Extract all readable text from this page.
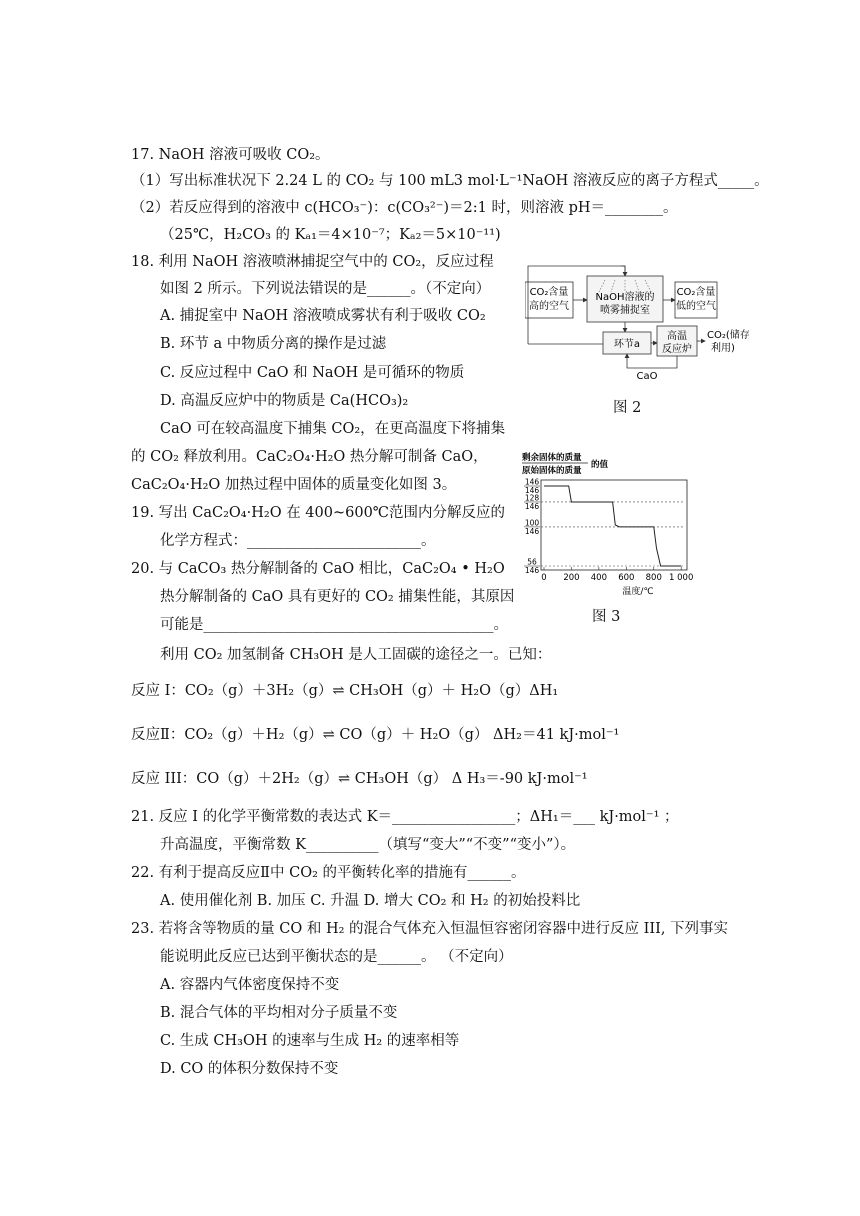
17. NaOH 溶液可吸收 CO₂。
（1）写出标准状况下 2.24 L 的 CO₂ 与 100 mL3 mol·L⁻¹NaOH 溶液反应的离子方程式_____。
（2）若反应得到的溶液中 c(HCO₃⁻)：c(CO₃²⁻)＝2:1 时，则溶液 pH＝________。
（25℃，H₂CO₃ 的 Kₐ₁＝4×10⁻⁷；Kₐ₂＝5×10⁻¹¹)
18. 利用 NaOH 溶液喷淋捕捉空气中的 CO₂，反应过程
如图 2 所示。下列说法错误的是______。（不定向）
A. 捕捉室中 NaOH 溶液喷成雾状有利于吸收 CO₂
B. 环节 a 中物质分离的操作是过滤
C. 反应过程中 CaO 和 NaOH 是可循环的物质
D. 高温反应炉中的物质是 Ca(HCO₃)₂
CaO 可在较高温度下捕集 CO₂，在更高温度下将捕集
的 CO₂ 释放利用。CaC₂O₄·H₂O 热分解可制备 CaO，
CaC₂O₄·H₂O 加热过程中固体的质量变化如图 3。
19. 写出 CaC₂O₄·H₂O 在 400~600℃范围内分解反应的
化学方程式：________________________。
20. 与 CaCO₃ 热分解制备的 CaO 相比，CaC₂O₄ • H₂O
热分解制备的 CaO 具有更好的 CO₂ 捕集性能，其原因
可能是________________________________________。
利用 CO₂ 加氢制备 CH₃OH 是人工固碳的途径之一。已知：
反应 I：CO₂（g）＋3H₂（g）⇌ CH₃OH（g）＋ H₂O（g）ΔH₁
反应Ⅱ：CO₂（g）＋H₂（g）⇌ CO（g）＋ H₂O（g） ΔH₂＝41 kJ·mol⁻¹
反应 III：CO（g）＋2H₂（g）⇌ CH₃OH（g） Δ H₃＝-90 kJ·mol⁻¹
21. 反应 I 的化学平衡常数的表达式 K＝_________________；ΔH₁＝___ kJ·mol⁻¹ ；
升高温度，平衡常数 K__________（填写“变大”“不变”“变小”）。
22. 有利于提高反应Ⅱ中 CO₂ 的平衡转化率的措施有______。
A. 使用催化剂 B. 加压 C. 升温 D. 增大 CO₂ 和 H₂ 的初始投料比
23. 若将含等物质的量 CO 和 H₂ 的混合气体充入恒温恒容密闭容器中进行反应 III, 下列事实
能说明此反应已达到平衡状态的是______。 （不定向）
A. 容器内气体密度保持不变
B. 混合气体的平均相对分子质量不变
C. 生成 CH₃OH 的速率与生成 H₂ 的速率相等
D. CO 的体积分数保持不变
CO₂含量
高的空气
NaOH溶液的
喷雾捕捉室
CO₂含量
低的空气
环节a
高温
反应炉
CO₂(储存
利用)
CaO
图 2
剩余固体的质量
原始固体的质量
的值
146
146
128
146
100
146
56
146
0 200 400 600 800 1 000
温度/℃
图 3
